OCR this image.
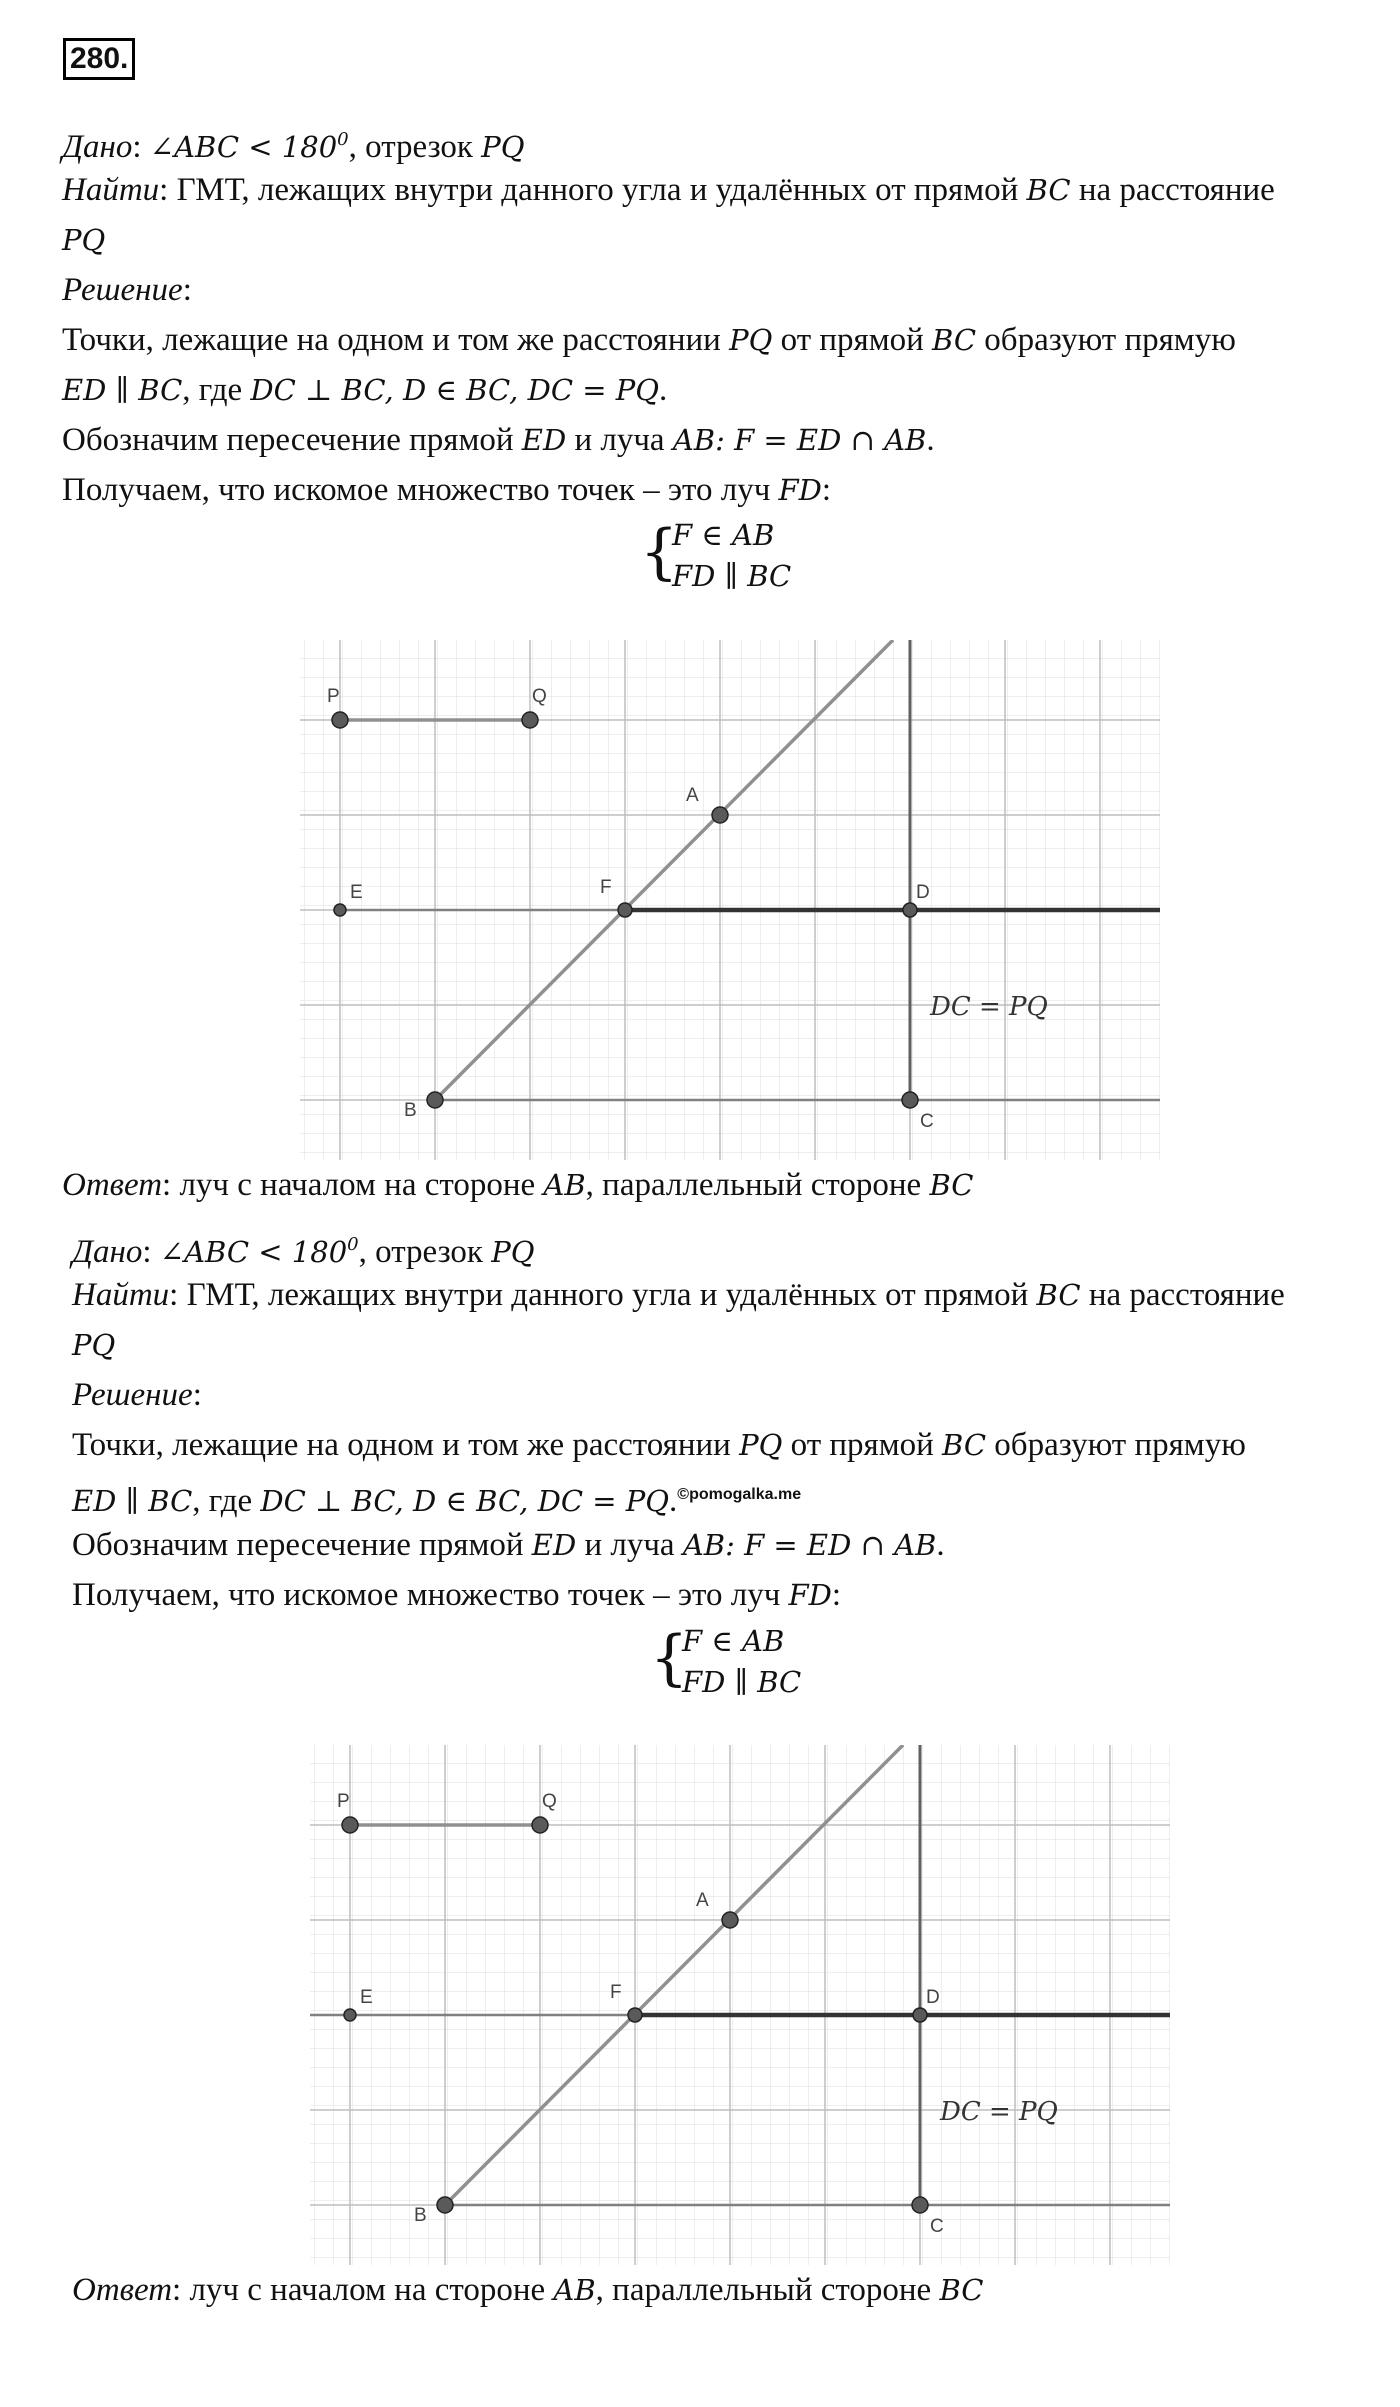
280.
Дано: ∠ABC < $180^0$, отрезок PQ
Найти: ГМТ, лежащих внутри данного угла и удалённых от прямой BC на расстояние
PQ
Решение:
Точки, лежащие на одном и том же расстоянии PQ от прямой BC образуют прямую
ED ∥ BC, где DC ⊥ BC, D ∈ BC, DC = PQ.
Обозначим пересечение прямой ED и луча AB: F = ED ∩ AB.
Получаем, что искомое множество точек – это луч FD:
{
F ∈ AB
FD ∥ BC
P	Q
A
E	F	D
B
C
DC = PQ
Ответ: луч с началом на стороне AB, параллельный стороне BC
Дано: ∠ABC < $180^0$, отрезок PQ
Найти: ГМТ, лежащих внутри данного угла и удалённых от прямой BC на расстояние
PQ
Решение:
Точки, лежащие на одном и том же расстоянии PQ от прямой BC образуют прямую
ED ∥ BC, где DC ⊥ BC, D ∈ BC, DC = PQ.$^{©pomogalka.me}$
Обозначим пересечение прямой ED и луча AB: F = ED ∩ AB.
Получаем, что искомое множество точек – это луч FD:
{
F ∈ AB
FD ∥ BC
P	Q
A
E	F	D
B
C
DC = PQ
Ответ: луч с началом на стороне AB, параллельный стороне BC
